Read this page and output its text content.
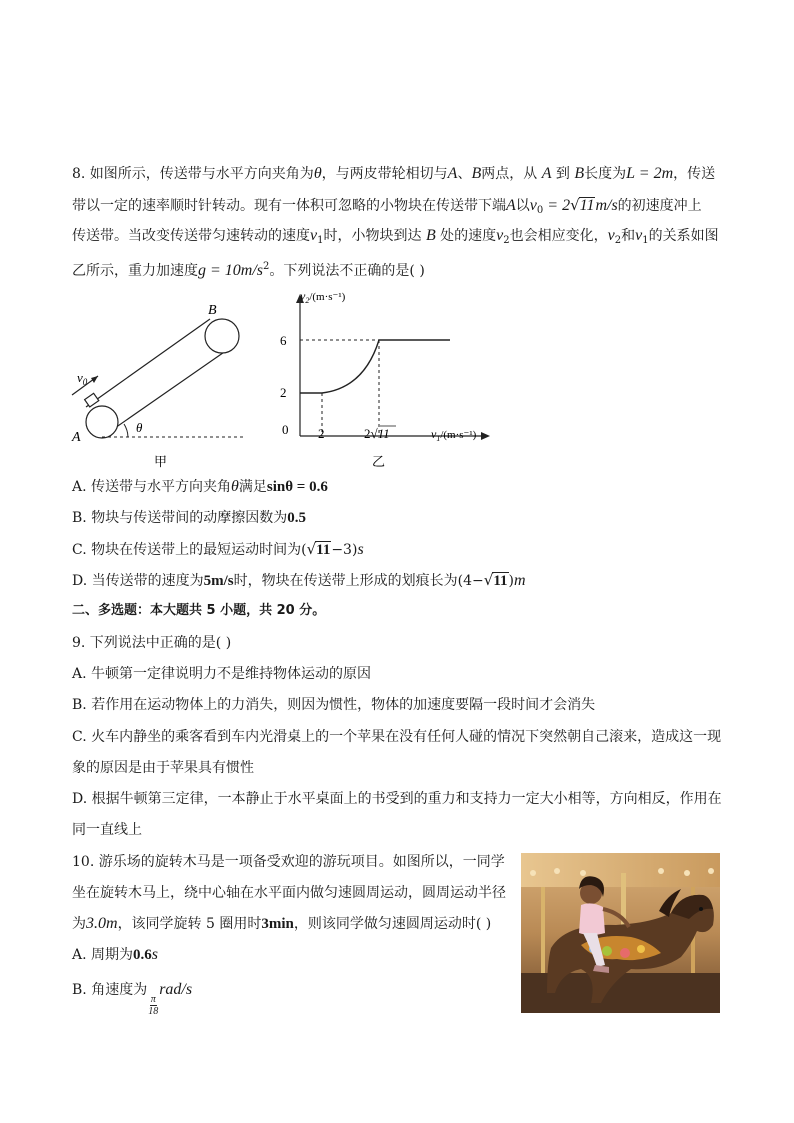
8. 如图所示，传送带与水平方向夹角为θ，与两皮带轮相切与A、B两点，从 A 到 B长度为L = 2m，传送
带以一定的速率顺时针转动。现有一体积可忽略的小物块在传送带下端A以$v_0 = 2√11m/s$的初速度冲上
传送带。当改变传送带匀速转动的速度$v_1$时，小物块到达 B 处的速度$v_2$也会相应变化，$v_2$和$v_1$的关系如图
乙所示，重力加速度$g = 10m/s^2$。下列说法不正确的是( )
$v_0$
A
B
θ
甲
$v_2/(m\cdot s^{-1})$
$v_1/(m\cdot s^{-1})$
6
2
0 2	2√11
乙
A. 传送带与水平方向夹角θ满足sinθ = 0.6
B. 物块与传送带间的动摩擦因数为0.5
C. 物块在传送带上的最短运动时间为(√11−3)s
D. 当传送带的速度为5m/s时，物块在传送带上形成的划痕长为(4−√11)m
二、多选题：本大题共 5 小题，共 20 分。
9. 下列说法中正确的是( )
A. 牛顿第一定律说明力不是维持物体运动的原因
B. 若作用在运动物体上的力消失，则因为惯性，物体的加速度要隔一段时间才会消失
C. 火车内静坐的乘客看到车内光滑桌上的一个苹果在没有任何人碰的情况下突然朝自己滚来，造成这一现
象的原因是由于苹果具有惯性
D. 根据牛顿第三定律，一本静止于水平桌面上的书受到的重力和支持力一定大小相等，方向相反，作用在
同一直线上
10. 游乐场的旋转木马是一项备受欢迎的游玩项目。如图所以，一同学
坐在旋转木马上，绕中心轴在水平面内做匀速圆周运动，圆周运动半径
为3.0m，该同学旋转 5 圈用时3min，则该同学做匀速圆周运动时( )
A. 周期为0.6s
B. 角速度为
$\frac{\pi}{18}$
rad/s
